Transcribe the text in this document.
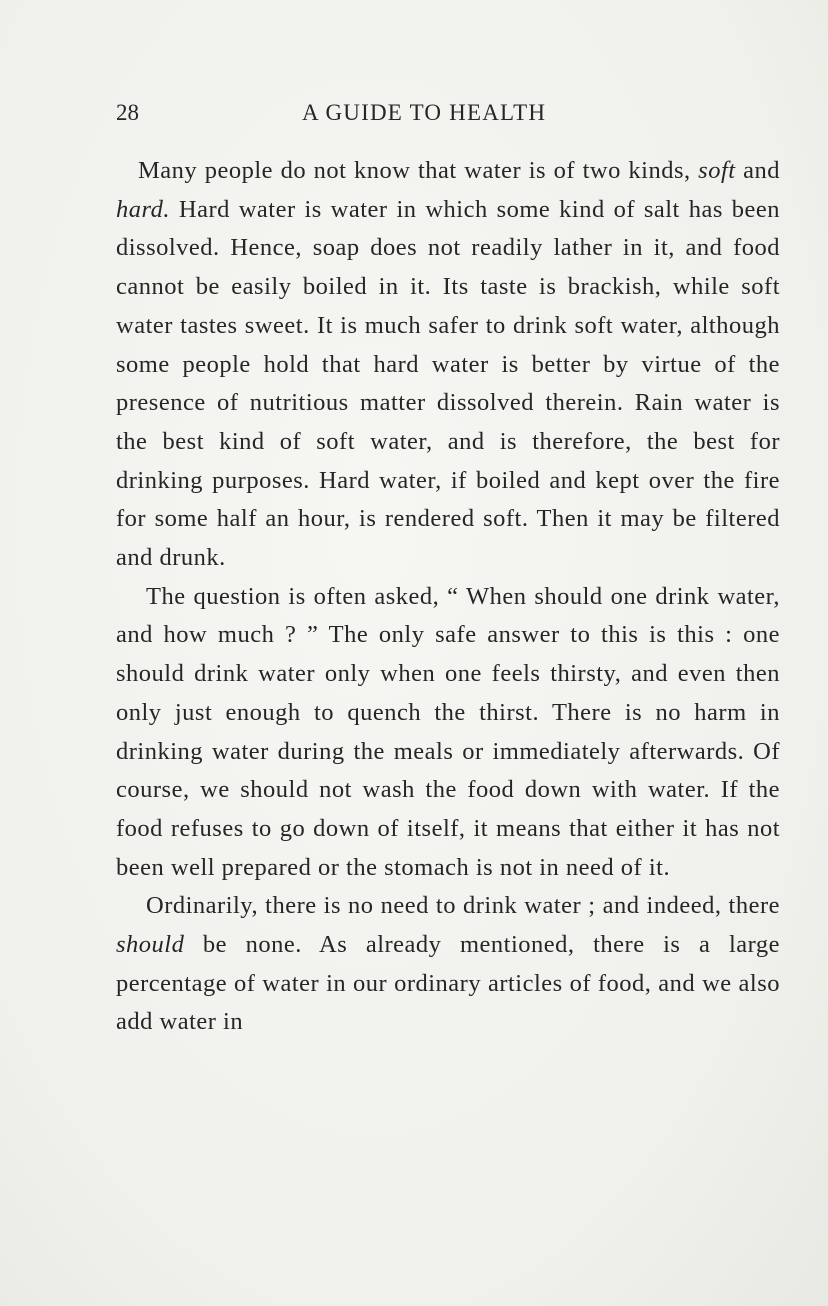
28	A GUIDE TO HEALTH

Many people do not know that water is of two kinds, soft and hard. Hard water is water in which some kind of salt has been dissolved. Hence, soap does not readily lather in it, and food cannot be easily boiled in it. Its taste is brackish, while soft water tastes sweet. It is much safer to drink soft water, although some people hold that hard water is better by virtue of the presence of nutritious matter dissolved therein. Rain water is the best kind of soft water, and is therefore, the best for drinking purposes. Hard water, if boiled and kept over the fire for some half an hour, is rendered soft. Then it may be filtered and drunk.

The question is often asked, “ When should one drink water, and how much ? ” The only safe answer to this is this : one should drink water only when one feels thirsty, and even then only just enough to quench the thirst. There is no harm in drinking water during the meals or immediately afterwards. Of course, we should not wash the food down with water. If the food refuses to go down of itself, it means that either it has not been well prepared or the stomach is not in need of it.

Ordinarily, there is no need to drink water ; and indeed, there should be none. As already mentioned, there is a large percentage of water in our ordinary articles of food, and we also add water in
